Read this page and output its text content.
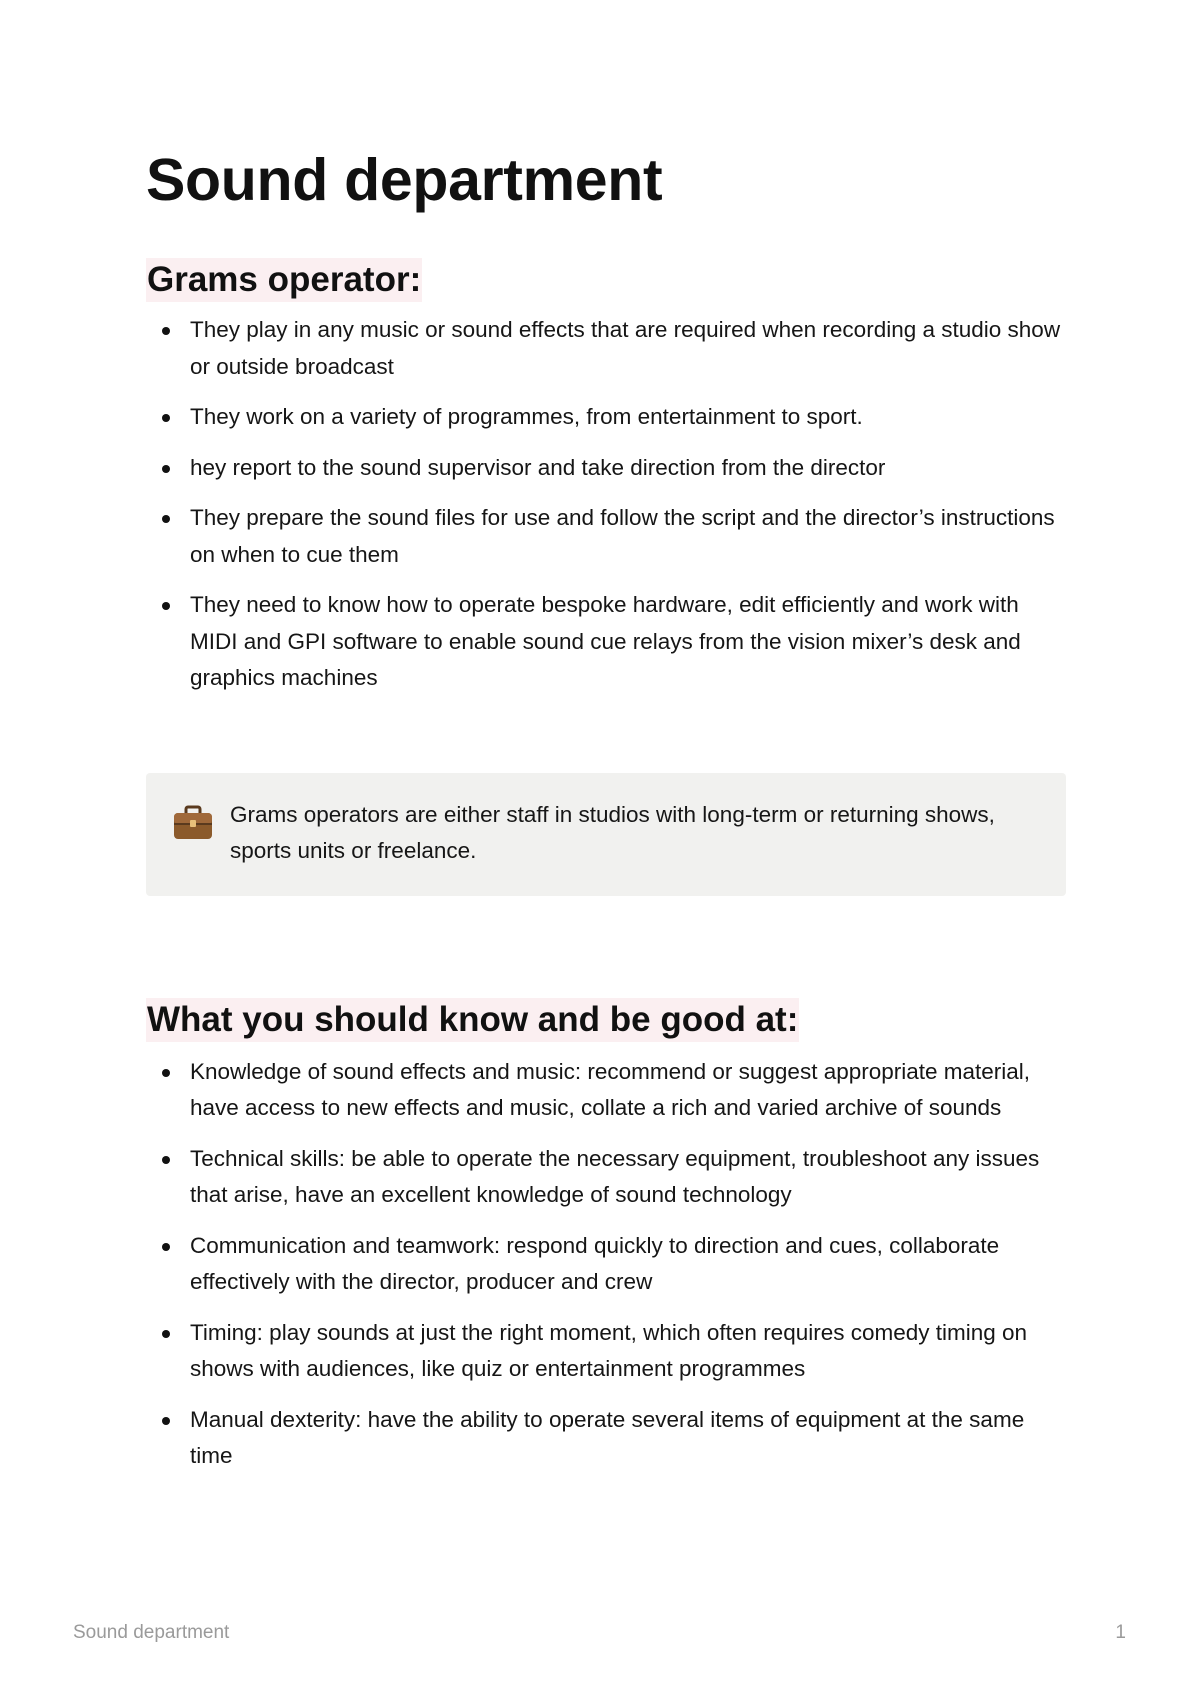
Sound department
Grams operator:
They play in any music or sound effects that are required when recording a studio show or outside broadcast
They work on a variety of programmes, from entertainment to sport.
hey report to the sound supervisor and take direction from the director
They prepare the sound files for use and follow the script and the director’s instructions on when to cue them
They need to know how to operate bespoke hardware, edit efficiently and work with MIDI and GPI software to enable sound cue relays from the vision mixer’s desk and graphics machines
Grams operators are either staff in studios with long-term or returning shows, sports units or freelance.
What you should know and be good at:
Knowledge of sound effects and music: recommend or suggest appropriate material, have access to new effects and music, collate a rich and varied archive of sounds
Technical skills: be able to operate the necessary equipment, troubleshoot any issues that arise, have an excellent knowledge of sound technology
Communication and teamwork: respond quickly to direction and cues, collaborate effectively with the director, producer and crew
Timing: play sounds at just the right moment, which often requires comedy timing on shows with audiences, like quiz or entertainment programmes
Manual dexterity: have the ability to operate several items of equipment at the same time
Sound department	1
